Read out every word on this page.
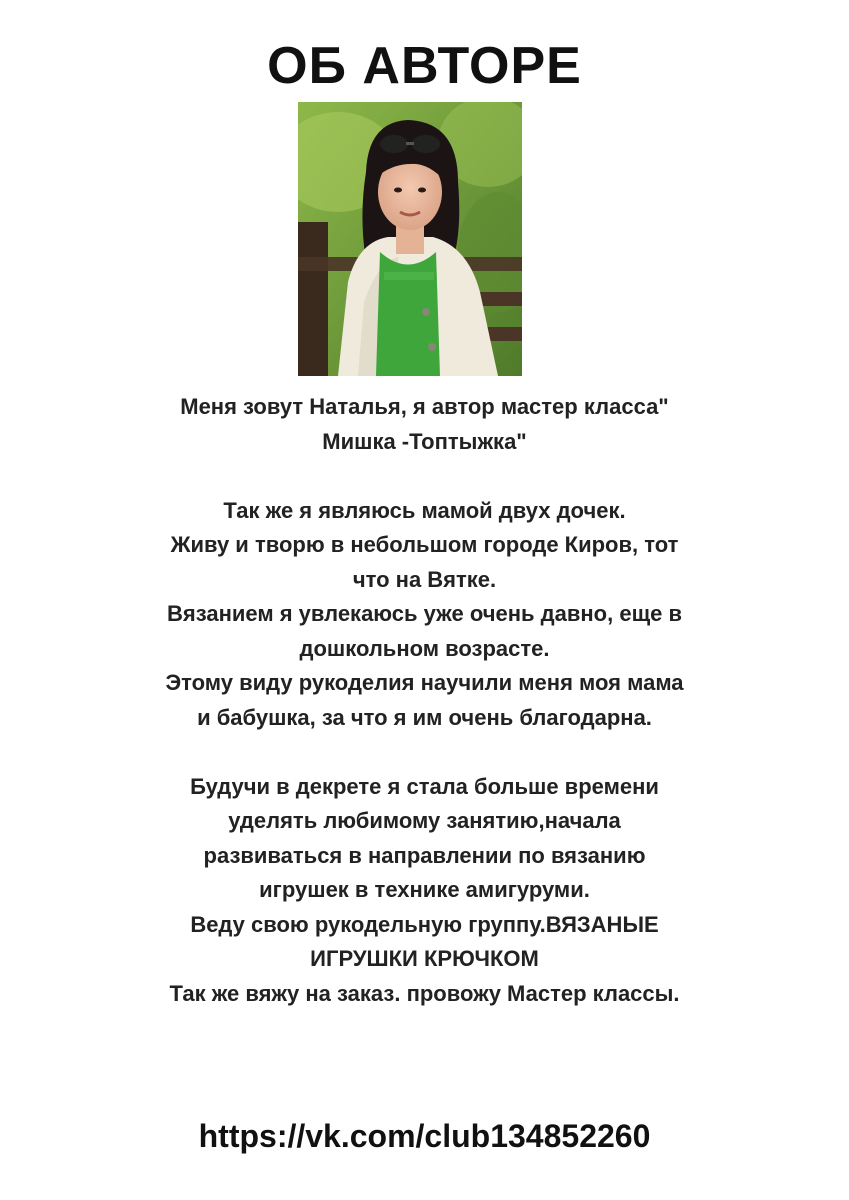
ОБ АВТОРЕ
Меня зовут Наталья, я автор мастер класса"
Мишка -Топтыжка"
Так же я являюсь мамой двух дочек.
Живу и творю в небольшом городе Киров, тот
что на Вятке.
Вязанием я увлекаюсь уже очень давно, еще в
дошкольном возрасте.
Этому виду рукоделия научили меня моя мама
и бабушка, за что я им очень благодарна.
Будучи в декрете я стала больше времени
уделять любимому занятию,начала
развиваться в направлении по вязанию
игрушек в технике амигуруми.
Веду свою рукодельную группу.ВЯЗАНЫЕ
ИГРУШКИ КРЮЧКОМ
Так же вяжу на заказ. провожу Мастер классы.
https://vk.com/club134852260
